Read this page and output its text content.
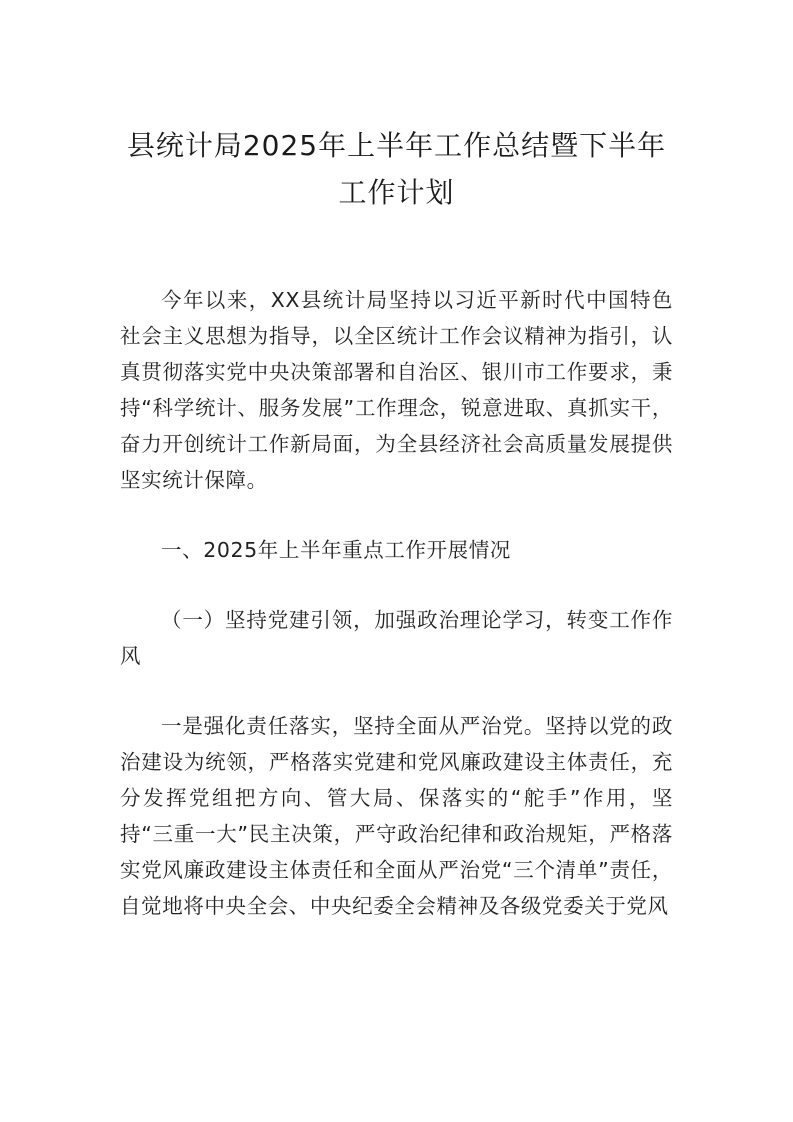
县统计局2025年上半年工作总结暨下半年
工作计划

今年以来，XX县统计局坚持以习近平新时代中国特色社会主义思想为指导，以全区统计工作会议精神为指引，认真贯彻落实党中央决策部署和自治区、银川市工作要求，秉持“科学统计、服务发展”工作理念，锐意进取、真抓实干，奋力开创统计工作新局面，为全县经济社会高质量发展提供坚实统计保障。

一、2025年上半年重点工作开展情况

（一）坚持党建引领，加强政治理论学习，转变工作作风

一是强化责任落实，坚持全面从严治党。坚持以党的政治建设为统领，严格落实党建和党风廉政建设主体责任，充分发挥党组把方向、管大局、保落实的“舵手”作用，坚持“三重一大”民主决策，严守政治纪律和政治规矩，严格落实党风廉政建设主体责任和全面从严治党“三个清单”责任，自觉地将中央全会、中央纪委全会精神及各级党委关于党风
